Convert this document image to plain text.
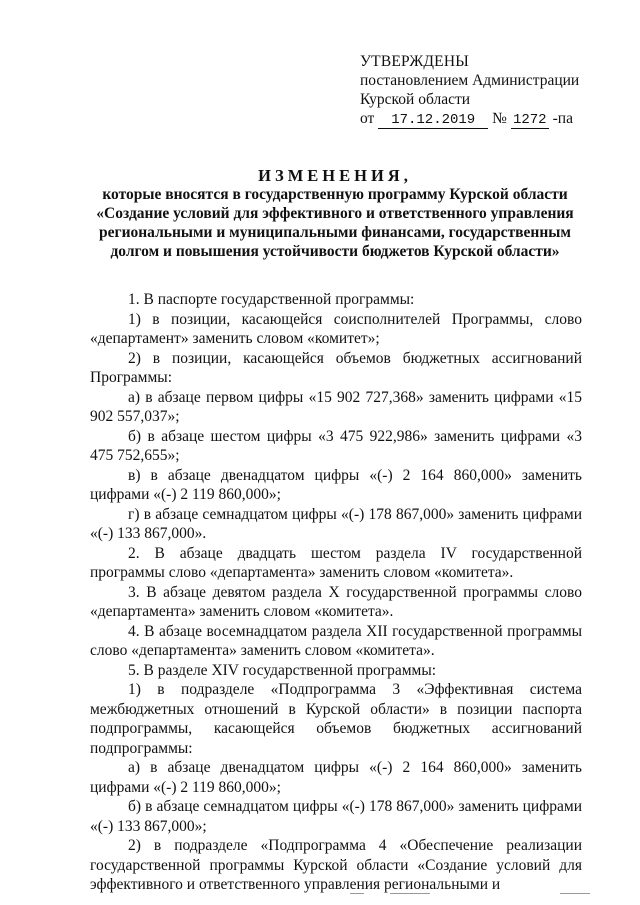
УТВЕРЖДЕНЫ
постановлением Администрации
Курской области
от 17.12.2019 № 1272 -па
ИЗМЕНЕНИЯ,
которые вносятся в государственную программу Курской области
«Создание условий для эффективного и ответственного управления
региональными и муниципальными финансами, государственным
долгом и повышения устойчивости бюджетов Курской области»

1. В паспорте государственной программы:

1) в позиции, касающейся соисполнителей Программы, слово «департамент» заменить словом «комитет»;

2) в позиции, касающейся объемов бюджетных ассигнований Программы:

а) в абзаце первом цифры «15 902 727,368» заменить цифрами «15 902 557,037»;

б) в абзаце шестом цифры «3 475 922,986» заменить цифрами «3 475 752,655»;

в) в абзаце двенадцатом цифры «(-) 2 164 860,000» заменить цифрами «(-) 2 119 860,000»;

г) в абзаце семнадцатом цифры «(-) 178 867,000» заменить цифрами «(-) 133 867,000».

2. В абзаце двадцать шестом раздела IV государственной программы слово «департамента» заменить словом «комитета».

3. В абзаце девятом раздела X государственной программы слово «департамента» заменить словом «комитета».

4. В абзаце восемнадцатом раздела XII государственной программы слово «департамента» заменить словом «комитета».

5. В разделе XIV государственной программы:

1) в подразделе «Подпрограмма 3 «Эффективная система межбюджетных отношений в Курской области» в позиции паспорта подпрограммы, касающейся объемов бюджетных ассигнований подпрограммы:

а) в абзаце двенадцатом цифры «(-) 2 164 860,000» заменить цифрами «(-) 2 119 860,000»;

б) в абзаце семнадцатом цифры «(-) 178 867,000» заменить цифрами «(-) 133 867,000»;

2) в подразделе «Подпрограмма 4 «Обеспечение реализации государственной программы Курской области «Создание условий для эффективного и ответственного управления региональными и
